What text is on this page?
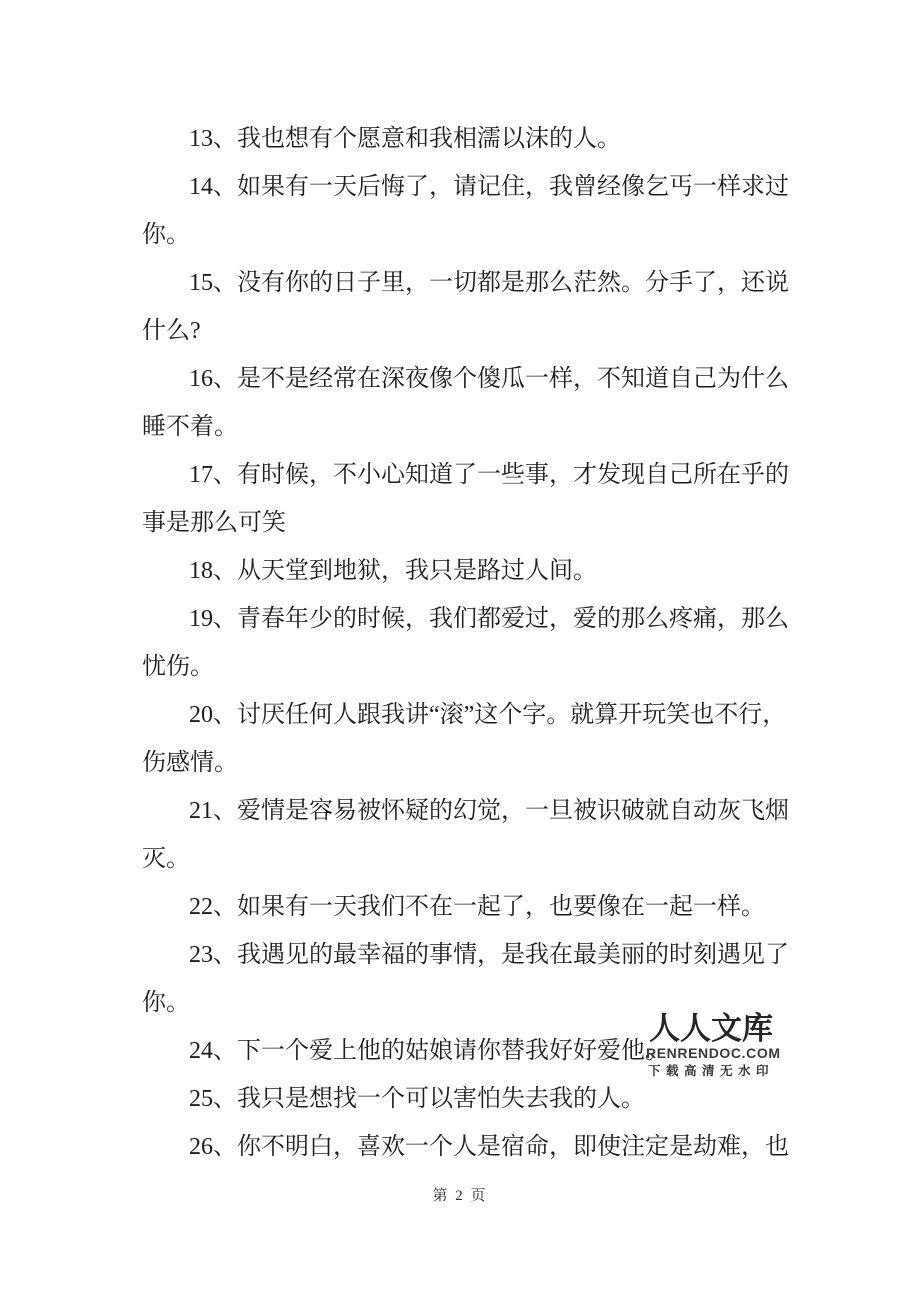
13、我也想有个愿意和我相濡以沫的人。
14、如果有一天后悔了，请记住，我曾经像乞丐一样求过
你。
15、没有你的日子里，一切都是那么茫然。分手了，还说
什么?
16、是不是经常在深夜像个傻瓜一样，不知道自己为什么
睡不着。
17、有时候，不小心知道了一些事，才发现自己所在乎的
事是那么可笑
18、从天堂到地狱，我只是路过人间。
19、青春年少的时候，我们都爱过，爱的那么疼痛，那么
忧伤。
20、讨厌任何人跟我讲“滚”这个字。就算开玩笑也不行，
伤感情。
21、爱情是容易被怀疑的幻觉，一旦被识破就自动灰飞烟
灭。
22、如果有一天我们不在一起了，也要像在一起一样。
23、我遇见的最幸福的事情，是我在最美丽的时刻遇见了
你。
24、下一个爱上他的姑娘请你替我好好爱他。
25、我只是想找一个可以害怕失去我的人。
26、你不明白，喜欢一个人是宿命，即使注定是劫难，也
人人文库
RENRENDOC.COM
下载高清无水印
第 2 页
